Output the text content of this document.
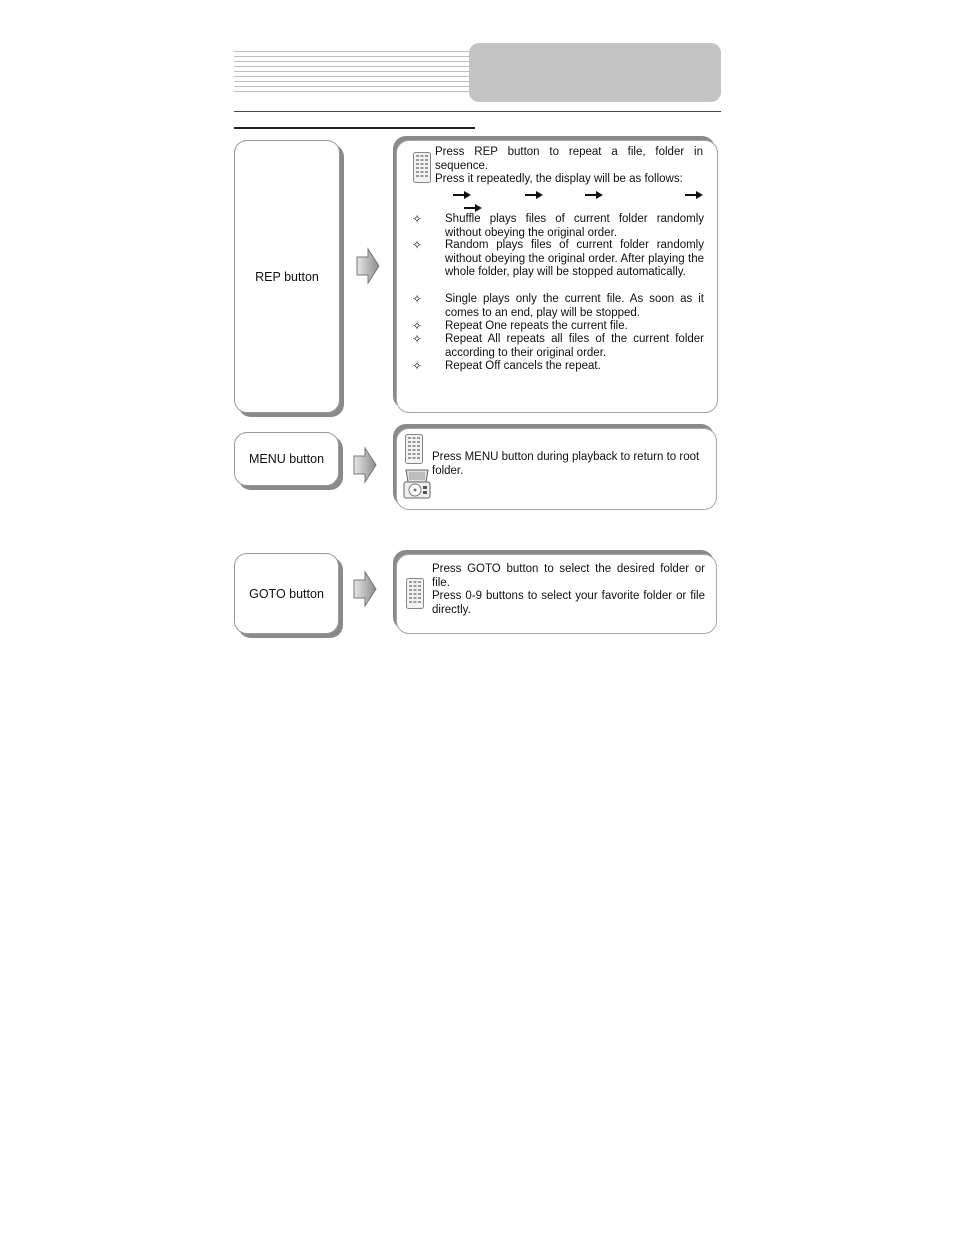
REP button
Press REP button to repeat a file, folder in sequence.
Press it repeatedly, the display will be as follows:
✧ Shuffle plays files of current folder randomly without obeying the original order.
✧ Random plays files of current folder randomly without obeying the original order. After playing the whole folder, play will be stopped automatically.
✧ Single plays only the current file. As soon as it comes to an end, play will be stopped.
✧ Repeat One repeats the current file.
✧ Repeat All repeats all files of the current folder according to their original order.
✧ Repeat Off cancels the repeat.
MENU button	Press MENU button during playback to return to root folder.
GOTO button
Press GOTO button to select the desired folder or file.
Press 0-9 buttons to select your favorite folder or file directly.
